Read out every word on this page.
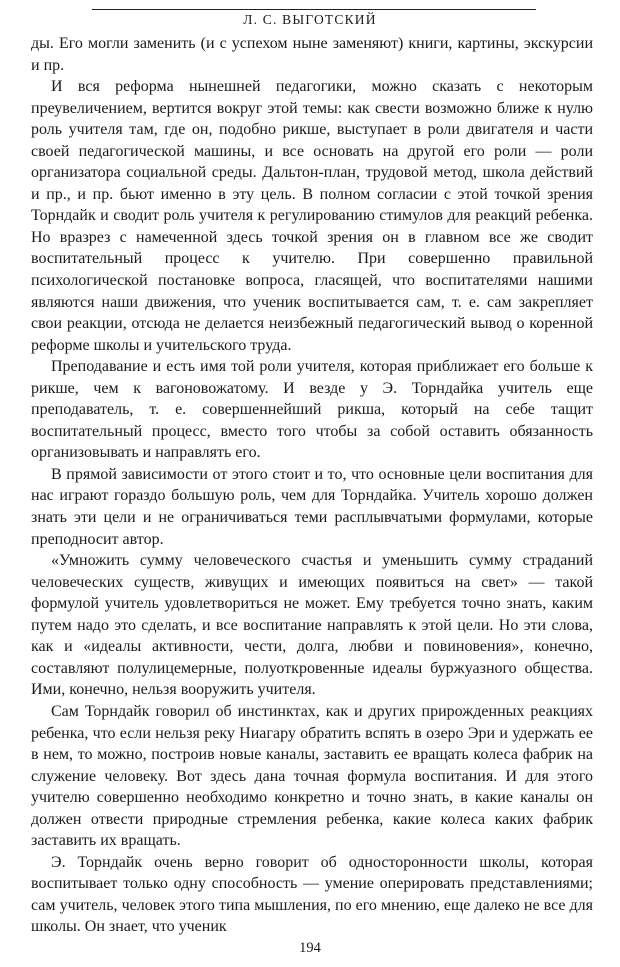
Л. С. ВЫГОТСКИЙ

ды. Его могли заменить (и с успехом ныне заменяют) книги, картины, экскурсии и пр.

И вся реформа нынешней педагогики, можно сказать с некоторым преувеличением, вертится вокруг этой темы: как свести возможно ближе к нулю роль учителя там, где он, подобно рикше, выступает в роли двигателя и части своей педагогической машины, и все основать на другой его роли — роли организатора социальной среды. Дальтон-план, трудовой метод, школа действий и пр., и пр. бьют именно в эту цель. В полном согласии с этой точкой зрения Торндайк и сводит роль учителя к регулированию стимулов для реакций ребенка. Но вразрез с намеченной здесь точкой зрения он в главном все же сводит воспитательный процесс к учителю. При совершенно правильной психологической постановке вопроса, гласящей, что воспитателями нашими являются наши движения, что ученик воспитывается сам, т. е. сам закрепляет свои реакции, отсюда не делается неизбежный педагогический вывод о коренной реформе школы и учительского труда.

Преподавание и есть имя той роли учителя, которая приближает его больше к рикше, чем к вагоновожатому. И везде у Э. Торндайка учитель еще преподаватель, т. е. совершеннейший рикша, который на себе тащит воспитательный процесс, вместо того чтобы за собой оставить обязанность организовывать и направлять его.

В прямой зависимости от этого стоит и то, что основные цели воспитания для нас играют гораздо большую роль, чем для Торндайка. Учитель хорошо должен знать эти цели и не ограничиваться теми расплывчатыми формулами, которые преподносит автор.

«Умножить сумму человеческого счастья и уменьшить сумму страданий человеческих существ, живущих и имеющих появиться на свет» — такой формулой учитель удовлетвориться не может. Ему требуется точно знать, каким путем надо это сделать, и все воспитание направлять к этой цели. Но эти слова, как и «идеалы активности, чести, долга, любви и повиновения», конечно, составляют полулицемерные, полуоткровенные идеалы буржуазного общества. Ими, конечно, нельзя вооружить учителя.

Сам Торндайк говорил об инстинктах, как и других прирожденных реакциях ребенка, что если нельзя реку Ниагару обратить вспять в озеро Эри и удержать ее в нем, то можно, построив новые каналы, заставить ее вращать колеса фабрик на служение человеку. Вот здесь дана точная формула воспитания. И для этого учителю совершенно необходимо конкретно и точно знать, в какие каналы он должен отвести природные стремления ребенка, какие колеса каких фабрик заставить их вращать.

Э. Торндайк очень верно говорит об односторонности школы, которая воспитывает только одну способность — умение оперировать представлениями; сам учитель, человек этого типа мышления, по его мнению, еще далеко не все для школы. Он знает, что ученик

194
